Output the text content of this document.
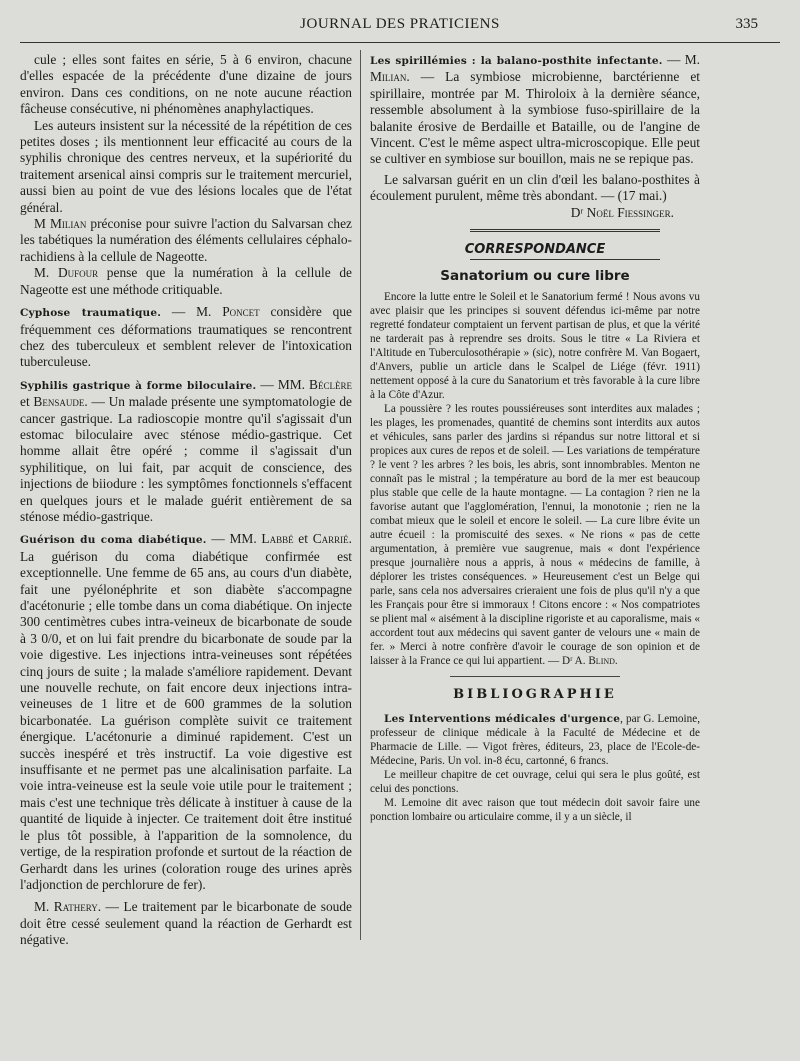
JOURNAL DES PRATICIENS	335

cule ; elles sont faites en série, 5 à 6 environ, chacune d'elles espacée de la précédente d'une dizaine de jours environ. Dans ces conditions, on ne note aucune réaction fâcheuse consécutive, ni phénomènes anaphylactiques.

Les auteurs insistent sur la nécessité de la répétition de ces petites doses ; ils mentionnent leur efficacité au cours de la syphilis chronique des centres nerveux, et la supériorité du traitement arsenical ainsi compris sur le traitement mercuriel, aussi bien au point de vue des lésions locales que de l'état général.

M Milian préconise pour suivre l'action du Salvarsan chez les tabétiques la numération des éléments cellulaires céphalo-rachidiens à la cellule de Nageotte.

M. Dufour pense que la numération à la cellule de Nageotte est une méthode critiquable.

Cyphose traumatique. — M. Poncet considère que fréquemment ces déformations traumatiques se rencontrent chez des tuberculeux et semblent relever de l'intoxication tuberculeuse.

Syphilis gastrique à forme biloculaire. — MM. Béclère et Bensaude. — Un malade présente une symptomatologie de cancer gastrique. La radioscopie montre qu'il s'agissait d'un estomac biloculaire avec sténose médio-gastrique. Cet homme allait être opéré ; comme il s'agissait d'un syphilitique, on lui fait, par acquit de conscience, des injections de biiodure : les symptômes fonctionnels s'effacent en quelques jours et le malade guérit entièrement de sa sténose médio-gastrique.

Guérison du coma diabétique. — MM. Labbé et Carrié. La guérison du coma diabétique confirmée est exceptionnelle. Une femme de 65 ans, au cours d'un diabète, fait une pyélonéphrite et son diabète s'accompagne d'acétonurie ; elle tombe dans un coma diabétique. On injecte 300 centimètres cubes intra-veineux de bicarbonate de soude à 3 0/0, et on lui fait prendre du bicarbonate de soude par la voie digestive. Les injections intra-veineuses sont répétées cinq jours de suite ; la malade s'améliore rapidement. Devant une nouvelle rechute, on fait encore deux injections intra-veineuses de 1 litre et de 600 grammes de la solution bicarbonatée. La guérison complète suivit ce traitement énergique. L'acétonurie a diminué rapidement. C'est un succès inespéré et très instructif. La voie digestive est insuffisante et ne permet pas une alcalinisation parfaite. La voie intra-veineuse est la seule voie utile pour le traitement ; mais c'est une technique très délicate à instituer à cause de la quantité de liquide à injecter. Ce traitement doit être institué le plus tôt possible, à l'apparition de la somnolence, du vertige, de la respiration profonde et surtout de la réaction de Gerhardt dans les urines (coloration rouge des urines après l'adjonction de perchlorure de fer).

M. Rathery. — Le traitement par le bicarbonate de soude doit être cessé seulement quand la réaction de Gerhardt est négative.

Les spirillémies : la balano-posthite infectante. — M. Milian. — La symbiose microbienne, barctérienne et spirillaire, montrée par M. Thiroloix à la dernière séance, ressemble absolument à la symbiose fuso-spirillaire de la balanite érosive de Berdaille et Bataille, ou de l'angine de Vincent. C'est le même aspect ultra-microscopique. Elle peut se cultiver en symbiose sur bouillon, mais ne se repique pas.

Le salvarsan guérit en un clin d'œil les balano-posthites à écoulement purulent, même très abondant. — (17 mai.)

Dʳ Noël Fiessinger.

CORRESPONDANCE
Sanatorium ou cure libre

Encore la lutte entre le Soleil et le Sanatorium fermé ! Nous avons vu avec plaisir que les principes si souvent défendus ici-même par notre regretté fondateur comptaient un fervent partisan de plus, et que la vérité ne tarderait pas à reprendre ses droits. Sous le titre « La Riviera et l'Altitude en Tuberculosothérapie » (sic), notre confrère M. Van Bogaert, d'Anvers, publie un article dans le Scalpel de Liége (févr. 1911) nettement opposé à la cure du Sanatorium et très favorable à la cure libre à la Côte d'Azur.

La poussière ? les routes poussiéreuses sont interdites aux malades ; les plages, les promenades, quantité de chemins sont interdits aux autos et véhicules, sans parler des jardins si répandus sur notre littoral et si propices aux cures de repos et de soleil. — Les variations de température ? le vent ? les arbres ? les bois, les abris, sont innombrables. Menton ne connaît pas le mistral ; la température au bord de la mer est beaucoup plus stable que celle de la haute montagne. — La contagion ? rien ne la favorise autant que l'agglomération, l'ennui, la monotonie ; rien ne la combat mieux que le soleil et encore le soleil. — La cure libre évite un autre écueil : la promiscuité des sexes. « Ne rions « pas de cette argumentation, à première vue saugrenue, mais « dont l'expérience presque journalière nous a appris, à nous « médecins de famille, à déplorer les tristes conséquences. » Heureusement c'est un Belge qui parle, sans cela nos adversaires crieraient une fois de plus qu'il n'y a que les Français pour être si immoraux ! Citons encore : « Nos compatriotes se plient mal « aisément à la discipline rigoriste et au caporalisme, mais « accordent tout aux médecins qui savent ganter de velours une « main de fer. » Merci à notre confrère d'avoir le courage de son opinion et de laisser à la France ce qui lui appartient. — Dʳ A. Blind.

BIBLIOGRAPHIE

Les Interventions médicales d'urgence, par G. Lemoine, professeur de clinique médicale à la Faculté de Médecine et de Pharmacie de Lille. — Vigot frères, éditeurs, 23, place de l'Ecole-de-Médecine, Paris. Un vol. in-8 écu, cartonné, 6 francs.

Le meilleur chapitre de cet ouvrage, celui qui sera le plus goûté, est celui des ponctions.

M. Lemoine dit avec raison que tout médecin doit savoir faire une ponction lombaire ou articulaire comme, il y a un siècle, il
